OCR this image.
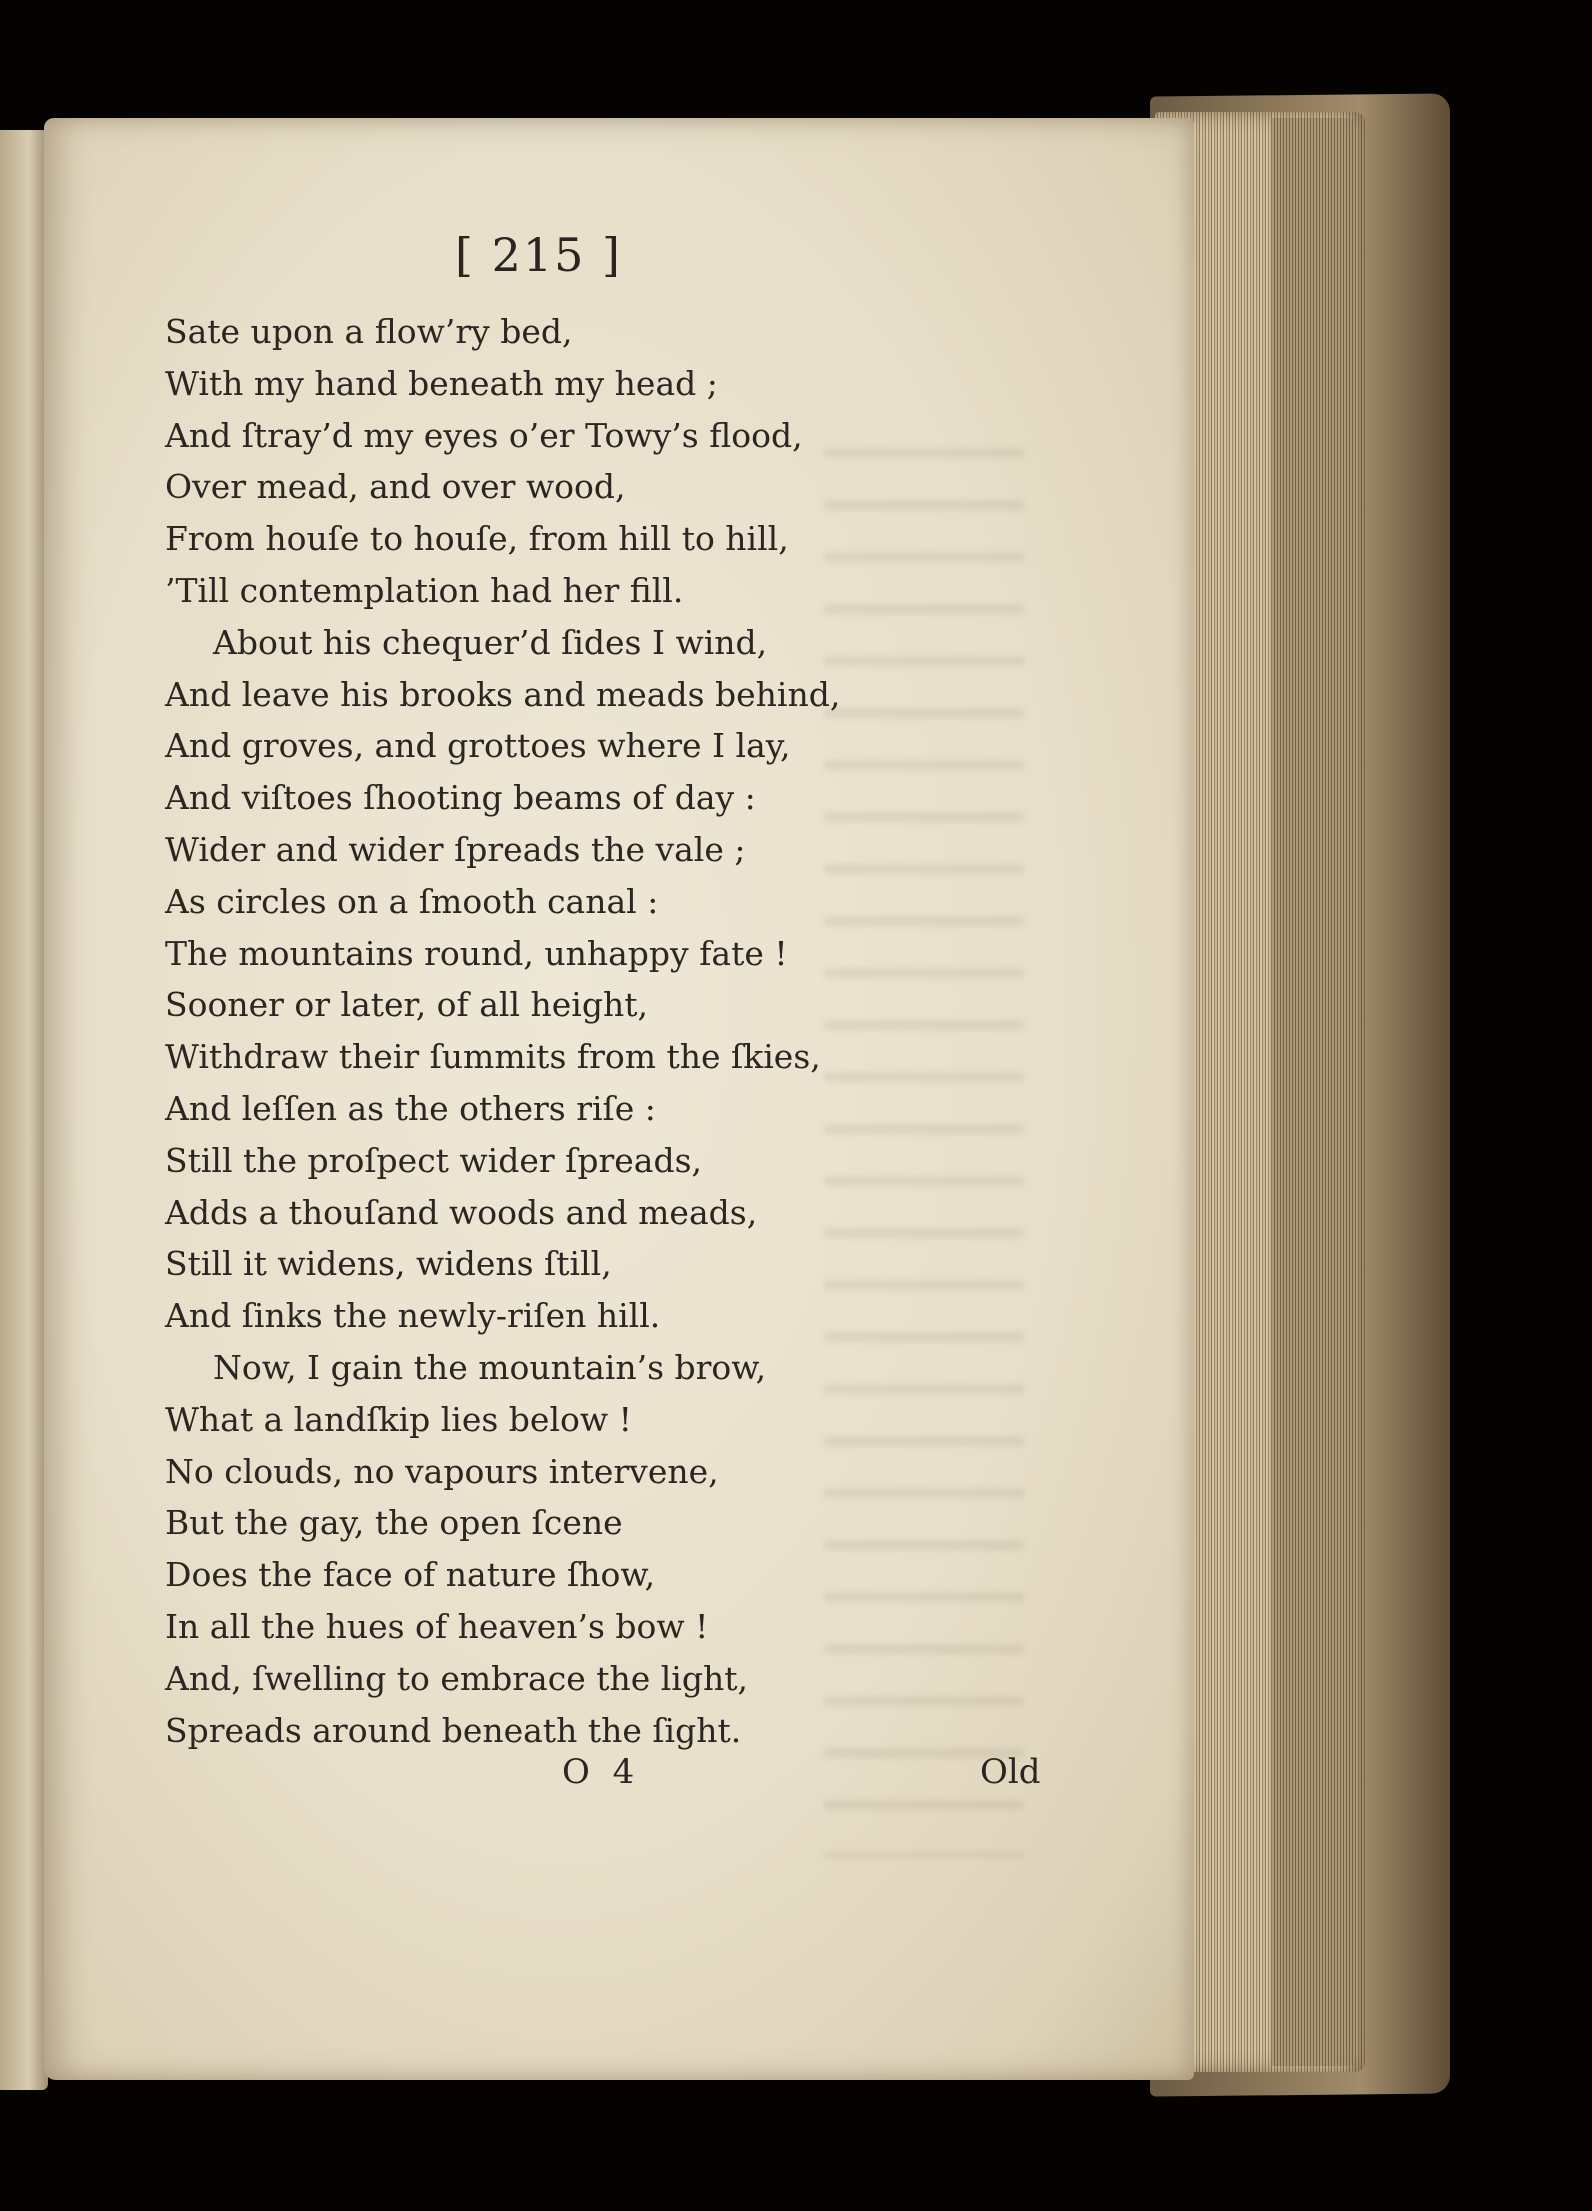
[ 215 ]
Sate upon a flow’ry bed,
With my hand beneath my head ;
And ſtray’d my eyes o’er Towy’s flood,
Over mead, and over wood,
From houſe to houſe, from hill to hill,
’Till contemplation had her fill.
About his chequer’d ſides I wind,
And leave his brooks and meads behind,
And groves, and grottoes where I lay,
And viſtoes ſhooting beams of day :
Wider and wider ſpreads the vale ;
As circles on a ſmooth canal :
The mountains round, unhappy fate !
Sooner or later, of all height,
Withdraw their ſummits from the ſkies,
And leſſen as the others riſe :
Still the proſpect wider ſpreads,
Adds a thouſand woods and meads,
Still it widens, widens ſtill,
And ſinks the newly-riſen hill.
Now, I gain the mountain’s brow,
What a landſkip lies below !
No clouds, no vapours intervene,
But the gay, the open ſcene
Does the face of nature ſhow,
In all the hues of heaven’s bow !
And, ſwelling to embrace the light,
Spreads around beneath the ſight.
O 4	Old
